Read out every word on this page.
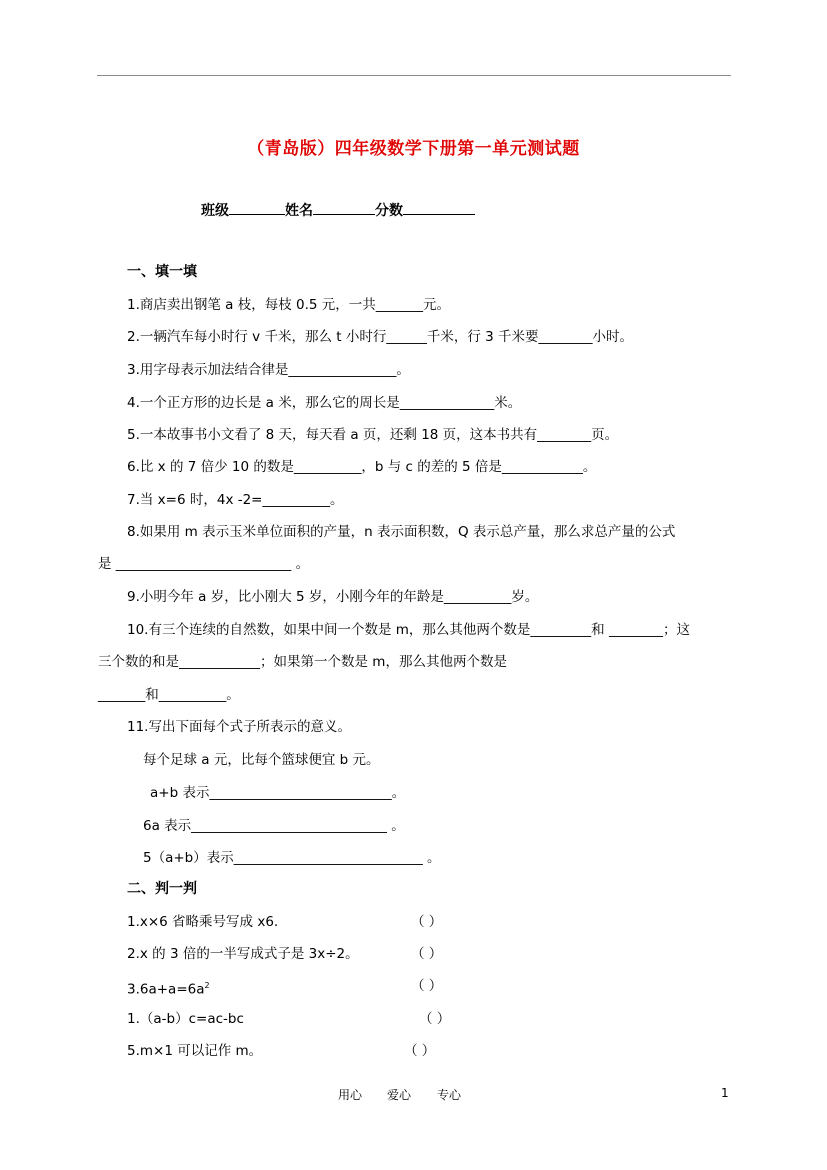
（青岛版）四年级数学下册第一单元测试题
班级	姓名	分数
一、填一填
1.商店卖出钢笔 a 枝，每枝 0.5 元，一共_______元。
2.一辆汽车每小时行 v 千米，那么 t 小时行______千米，行 3 千米要________小时。
3.用字母表示加法结合律是________________。
4.一个正方形的边长是 a 米，那么它的周长是______________米。
5.一本故事书小文看了 8 天，每天看 a 页，还剩 18 页，这本书共有________页。
6.比 x 的 7 倍少 10 的数是__________，b 与 c 的差的 5 倍是____________。
7.当 x=6 时，4x -2=__________。
8.如果用 m 表示玉米单位面积的产量，n 表示面积数，Q 表示总产量，那么求总产量的公式
是 __________________________ 。
9.小明今年 a 岁，比小刚大 5 岁，小刚今年的年龄是__________岁。
10.有三个连续的自然数，如果中间一个数是 m，那么其他两个数是_________和 ________；这
三个数的和是____________；如果第一个数是 m，那么其他两个数是
_______和__________。
11.写出下面每个式子所表示的意义。
每个足球 a 元，比每个篮球便宜 b 元。
a+b 表示___________________________。
6a 表示_____________________________ 。
5（a+b）表示____________________________ 。
二、判一判
1.x×6 省略乘号写成 x6.	（ ）
2.x 的 3 倍的一半写成式子是 3x÷2。	（ ）
$3.6a+a=6a^2$	（ ）
1.（a-b）c=ac-bc	（ ）
5.m×1 可以记作 m。	（ ）
用心 爱心 专心	1
